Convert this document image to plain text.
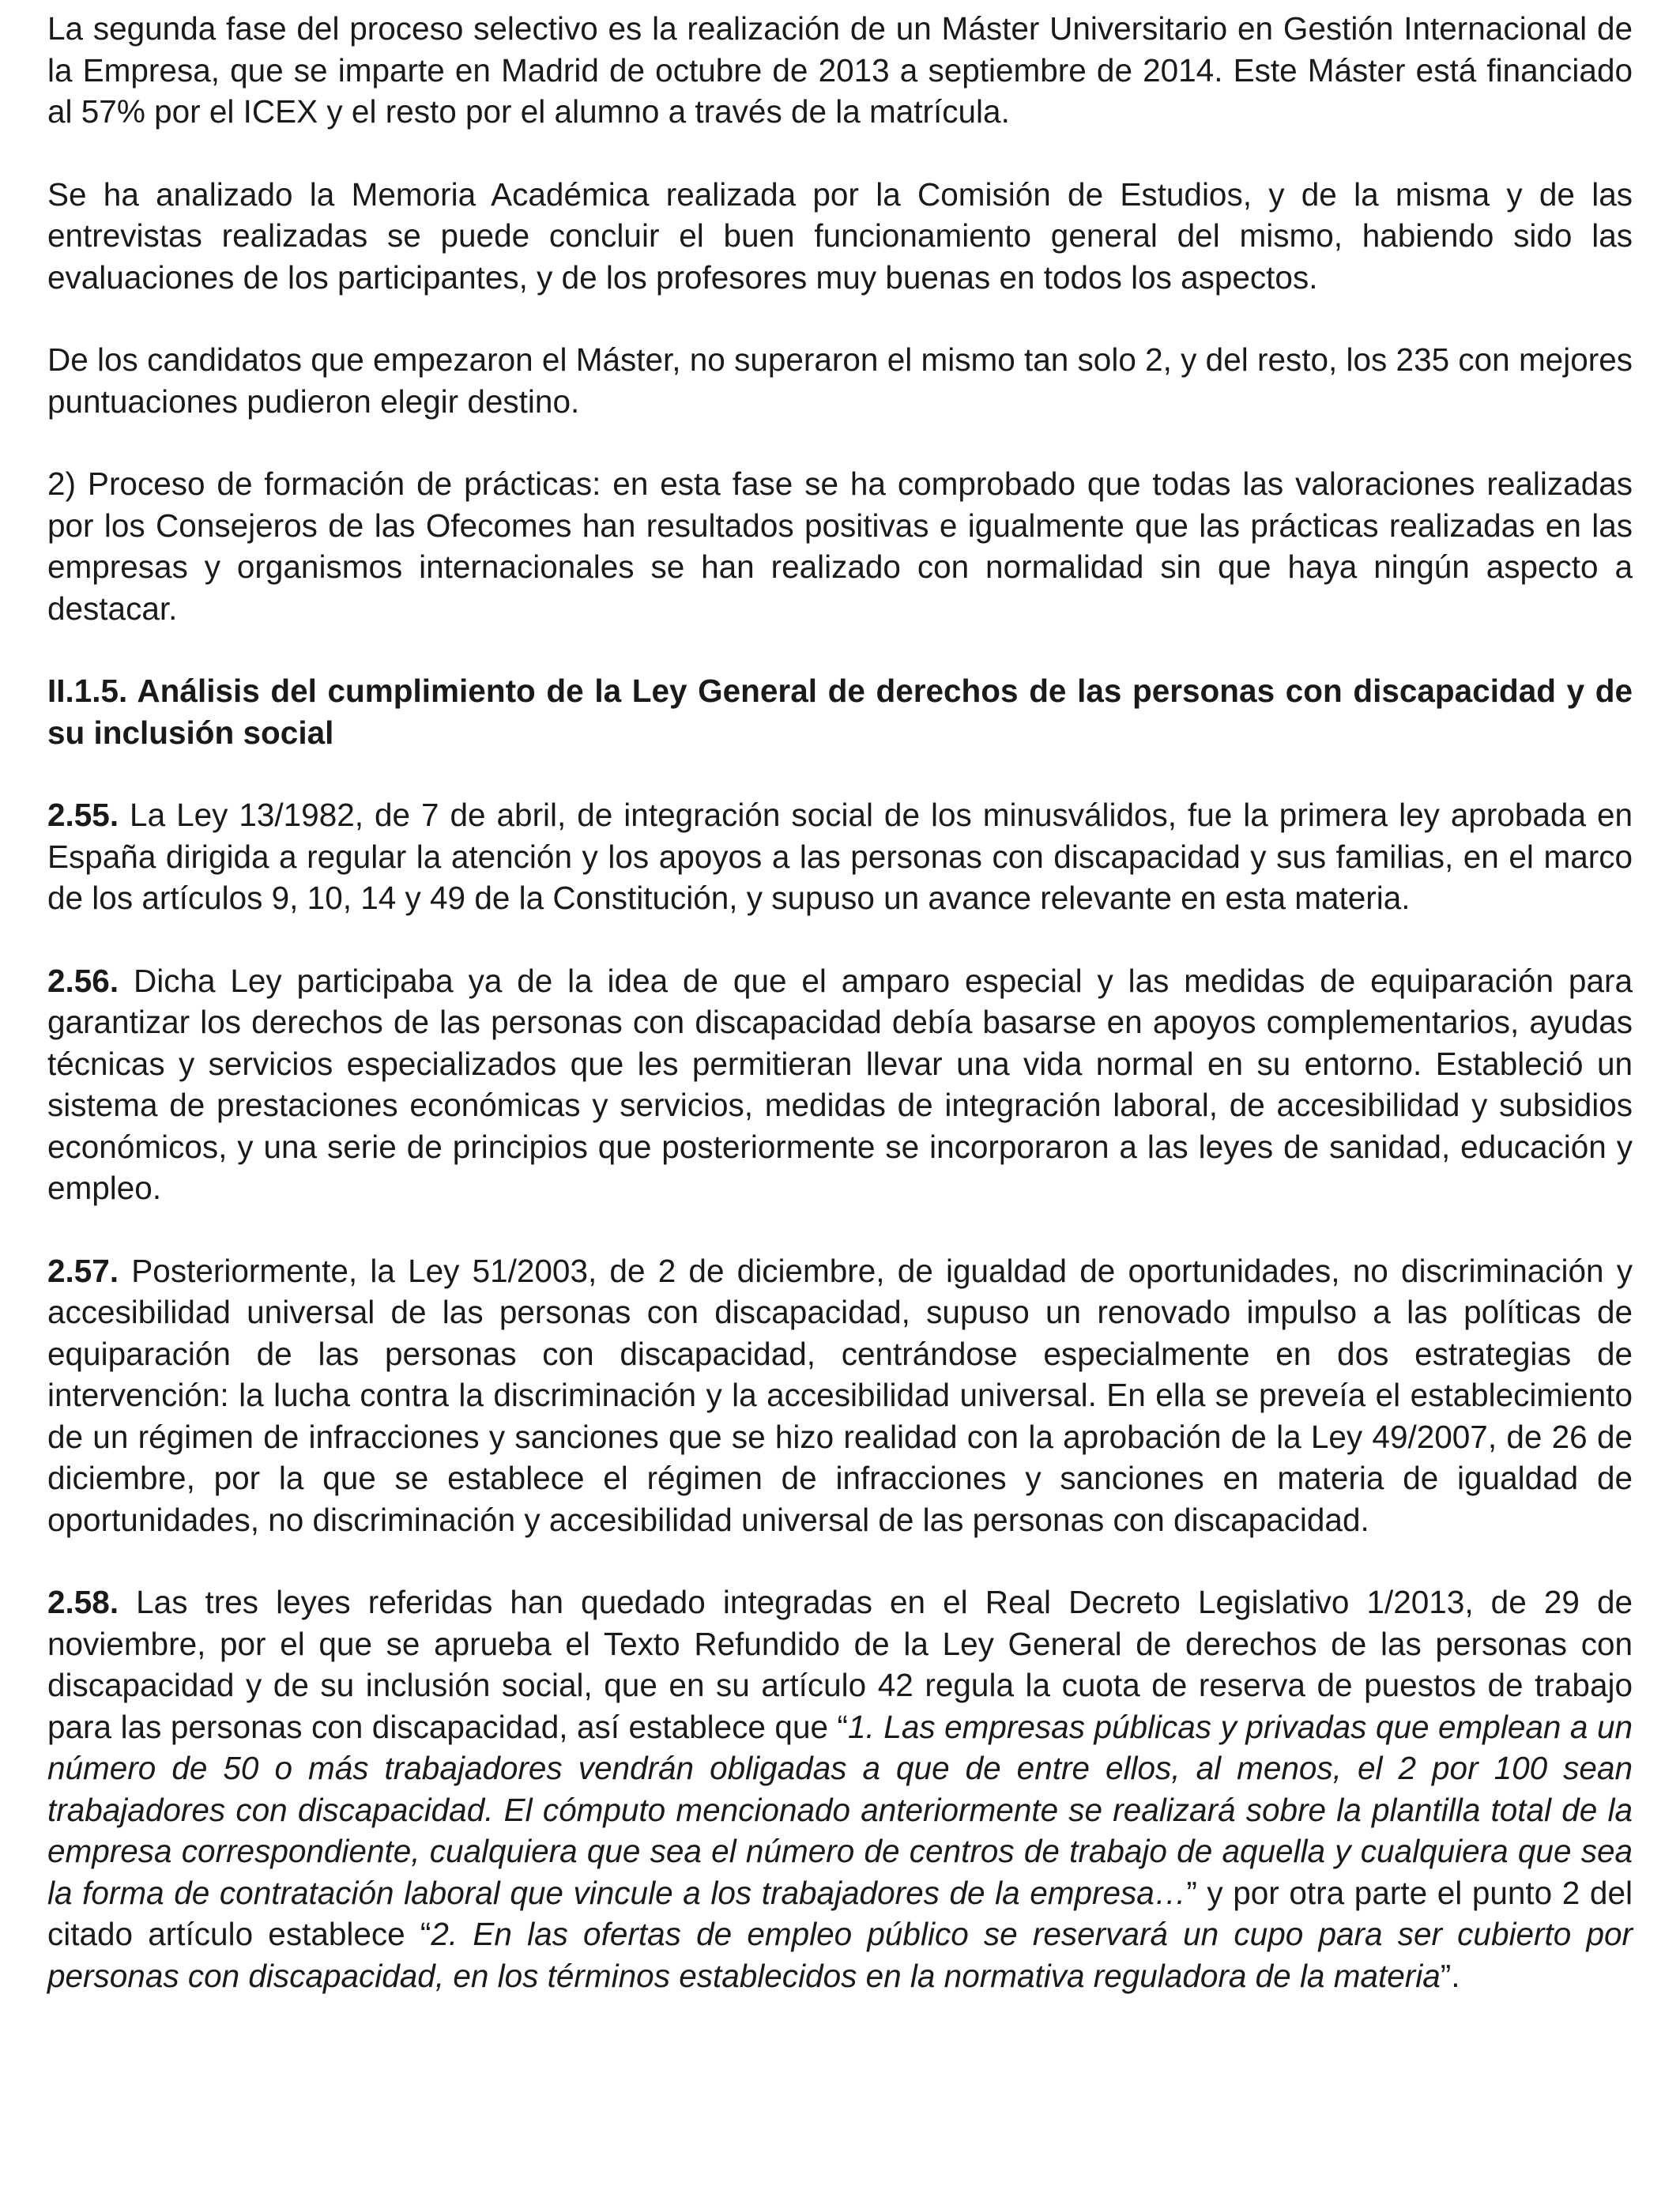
La segunda fase del proceso selectivo es la realización de un Máster Universitario en Gestión Internacional de la Empresa, que se imparte en Madrid de octubre de 2013 a septiembre de 2014. Este Máster está financiado al 57% por el ICEX y el resto por el alumno a través de la matrícula.

Se ha analizado la Memoria Académica realizada por la Comisión de Estudios, y de la misma y de las entrevistas realizadas se puede concluir el buen funcionamiento general del mismo, habiendo sido las evaluaciones de los participantes, y de los profesores muy buenas en todos los aspectos.

De los candidatos que empezaron el Máster, no superaron el mismo tan solo 2, y del resto, los 235 con mejores puntuaciones pudieron elegir destino.

2) Proceso de formación de prácticas: en esta fase se ha comprobado que todas las valoraciones realizadas por los Consejeros de las Ofecomes han resultados positivas e igualmente que las prácticas realizadas en las empresas y organismos internacionales se han realizado con normalidad sin que haya ningún aspecto a destacar.

II.1.5. Análisis del cumplimiento de la Ley General de derechos de las personas con discapacidad y de su inclusión social

2.55. La Ley 13/1982, de 7 de abril, de integración social de los minusválidos, fue la primera ley aprobada en España dirigida a regular la atención y los apoyos a las personas con discapacidad y sus familias, en el marco de los artículos 9, 10, 14 y 49 de la Constitución, y supuso un avance relevante en esta materia.

2.56. Dicha Ley participaba ya de la idea de que el amparo especial y las medidas de equiparación para garantizar los derechos de las personas con discapacidad debía basarse en apoyos complementarios, ayudas técnicas y servicios especializados que les permitieran llevar una vida normal en su entorno. Estableció un sistema de prestaciones económicas y servicios, medidas de integración laboral, de accesibilidad y subsidios económicos, y una serie de principios que posteriormente se incorporaron a las leyes de sanidad, educación y empleo.

2.57. Posteriormente, la Ley 51/2003, de 2 de diciembre, de igualdad de oportunidades, no discriminación y accesibilidad universal de las personas con discapacidad, supuso un renovado impulso a las políticas de equiparación de las personas con discapacidad, centrándose especialmente en dos estrategias de intervención: la lucha contra la discriminación y la accesibilidad universal. En ella se preveía el establecimiento de un régimen de infracciones y sanciones que se hizo realidad con la aprobación de la Ley 49/2007, de 26 de diciembre, por la que se establece el régimen de infracciones y sanciones en materia de igualdad de oportunidades, no discriminación y accesibilidad universal de las personas con discapacidad.

2.58. Las tres leyes referidas han quedado integradas en el Real Decreto Legislativo 1/2013, de 29 de noviembre, por el que se aprueba el Texto Refundido de la Ley General de derechos de las personas con discapacidad y de su inclusión social, que en su artículo 42 regula la cuota de reserva de puestos de trabajo para las personas con discapacidad, así establece que “1. Las empresas públicas y privadas que emplean a un número de 50 o más trabajadores vendrán obligadas a que de entre ellos, al menos, el 2 por 100 sean trabajadores con discapacidad. El cómputo mencionado anteriormente se realizará sobre la plantilla total de la empresa correspondiente, cualquiera que sea el número de centros de trabajo de aquella y cualquiera que sea la forma de contratación laboral que vincule a los trabajadores de la empresa…” y por otra parte el punto 2 del citado artículo establece “2. En las ofertas de empleo público se reservará un cupo para ser cubierto por personas con discapacidad, en los términos establecidos en la normativa reguladora de la materia”.
